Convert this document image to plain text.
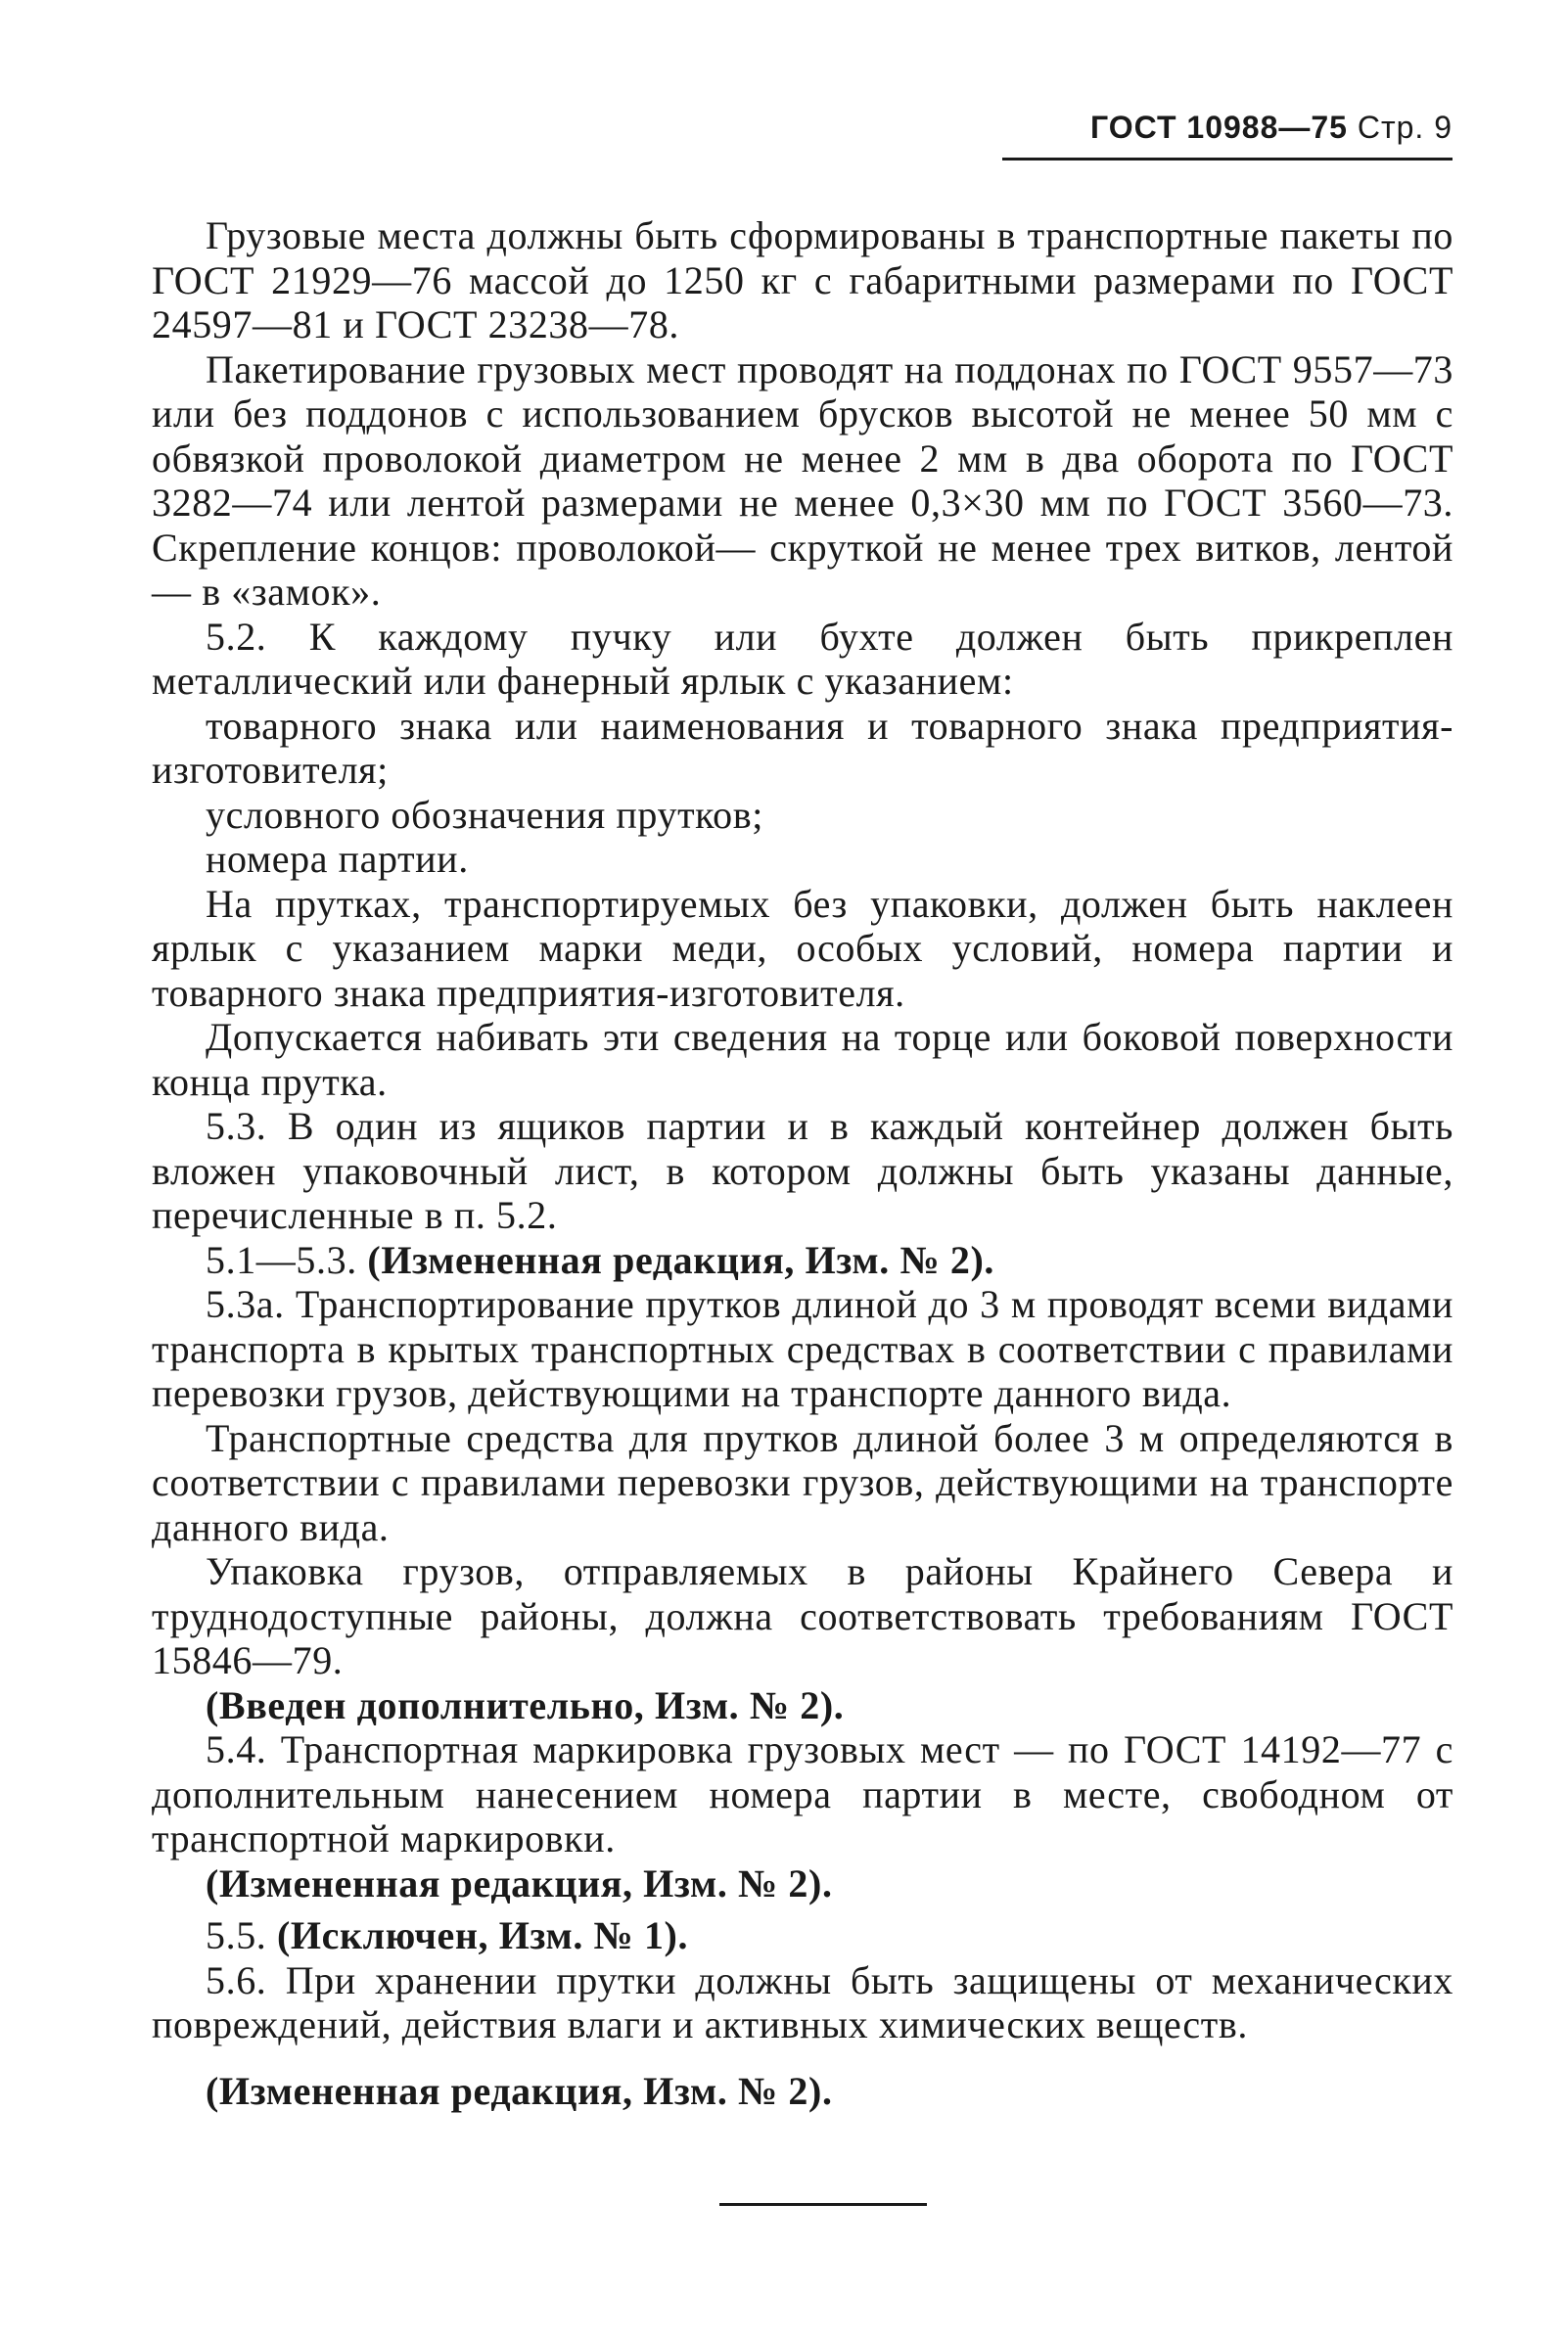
ГОСТ 10988—75 Стр. 9

Грузовые места должны быть сформированы в транспортные пакеты по ГОСТ 21929—76 массой до 1250 кг с габаритными размерами по ГОСТ 24597—81 и ГОСТ 23238—78.

Пакетирование грузовых мест проводят на поддонах по ГОСТ 9557—73 или без поддонов с использованием брусков высотой не менее 50 мм с обвязкой проволокой диаметром не менее 2 мм в два оборота по ГОСТ 3282—74 или лентой размерами не менее 0,3×30 мм по ГОСТ 3560—73. Скрепление концов: проволокой— скруткой не менее трех витков, лентой — в «замок».

5.2. К каждому пучку или бухте должен быть прикреплен металлический или фанерный ярлык с указанием:

товарного знака или наименования и товарного знака предприятия-изготовителя;

условного обозначения прутков;

номера партии.

На прутках, транспортируемых без упаковки, должен быть наклеен ярлык с указанием марки меди, особых условий, номера партии и товарного знака предприятия-изготовителя.

Допускается набивать эти сведения на торце или боковой поверхности конца прутка.

5.3. В один из ящиков партии и в каждый контейнер должен быть вложен упаковочный лист, в котором должны быть указаны данные, перечисленные в п. 5.2.

5.1—5.3. (Измененная редакция, Изм. № 2).

5.3а. Транспортирование прутков длиной до 3 м проводят всеми видами транспорта в крытых транспортных средствах в соответствии с правилами перевозки грузов, действующими на транспорте данного вида.

Транспортные средства для прутков длиной более 3 м определяются в соответствии с правилами перевозки грузов, действующими на транспорте данного вида.

Упаковка грузов, отправляемых в районы Крайнего Севера и труднодоступные районы, должна соответствовать требованиям ГОСТ 15846—79.

(Введен дополнительно, Изм. № 2).

5.4. Транспортная маркировка грузовых мест — по ГОСТ 14192—77 с дополнительным нанесением номера партии в месте, свободном от транспортной маркировки.

(Измененная редакция, Изм. № 2).

5.5. (Исключен, Изм. № 1).

5.6. При хранении прутки должны быть защищены от механических повреждений, действия влаги и активных химических веществ.

(Измененная редакция, Изм. № 2).
